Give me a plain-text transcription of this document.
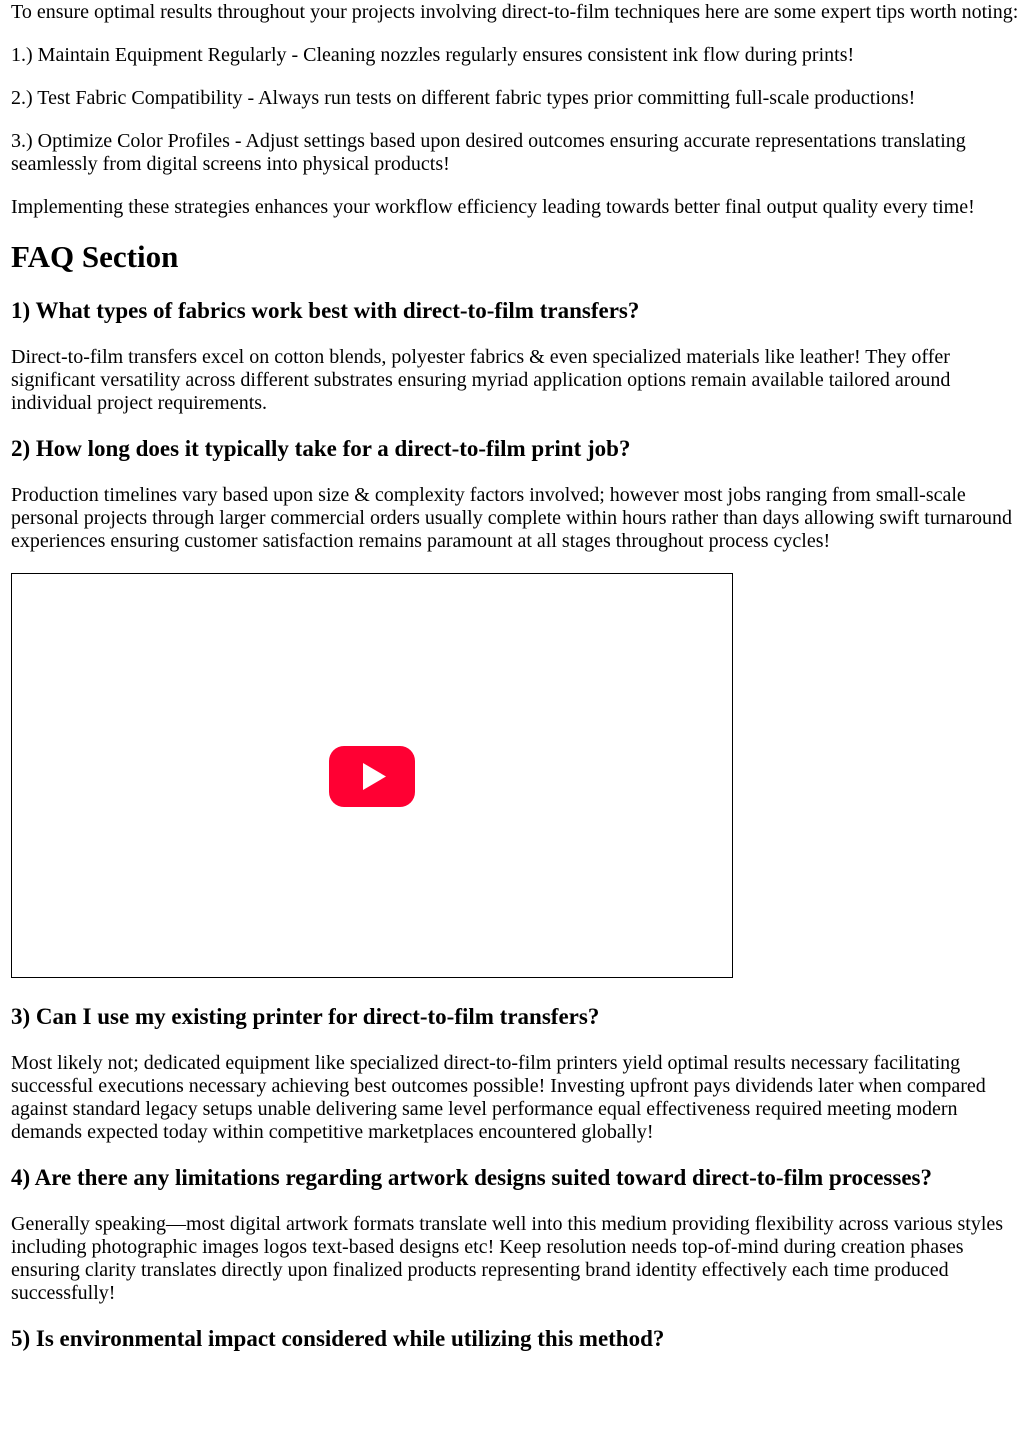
To ensure optimal results throughout your projects involving direct-to-film techniques here are some expert tips worth noting:

1.) Maintain Equipment Regularly - Cleaning nozzles regularly ensures consistent ink flow during prints!

2.) Test Fabric Compatibility - Always run tests on different fabric types prior committing full-scale productions!

3.) Optimize Color Profiles - Adjust settings based upon desired outcomes ensuring accurate representations translating seamlessly from digital screens into physical products!

Implementing these strategies enhances your workflow efficiency leading towards better final output quality every time!

FAQ Section
1) What types of fabrics work best with direct-to-film transfers?

Direct-to-film transfers excel on cotton blends, polyester fabrics & even specialized materials like leather! They offer significant versatility across different substrates ensuring myriad application options remain available tailored around individual project requirements.

2) How long does it typically take for a direct-to-film print job?

Production timelines vary based upon size & complexity factors involved; however most jobs ranging from small-scale personal projects through larger commercial orders usually complete within hours rather than days allowing swift turnaround experiences ensuring customer satisfaction remains paramount at all stages throughout process cycles!

3) Can I use my existing printer for direct-to-film transfers?

Most likely not; dedicated equipment like specialized direct-to-film printers yield optimal results necessary facilitating successful executions necessary achieving best outcomes possible! Investing upfront pays dividends later when compared against standard legacy setups unable delivering same level performance equal effectiveness required meeting modern demands expected today within competitive marketplaces encountered globally!

4) Are there any limitations regarding artwork designs suited toward direct-to-film processes?

Generally speaking—most digital artwork formats translate well into this medium providing flexibility across various styles including photographic images logos text-based designs etc! Keep resolution needs top-of-mind during creation phases ensuring clarity translates directly upon finalized products representing brand identity effectively each time produced successfully!

5) Is environmental impact considered while utilizing this method?
